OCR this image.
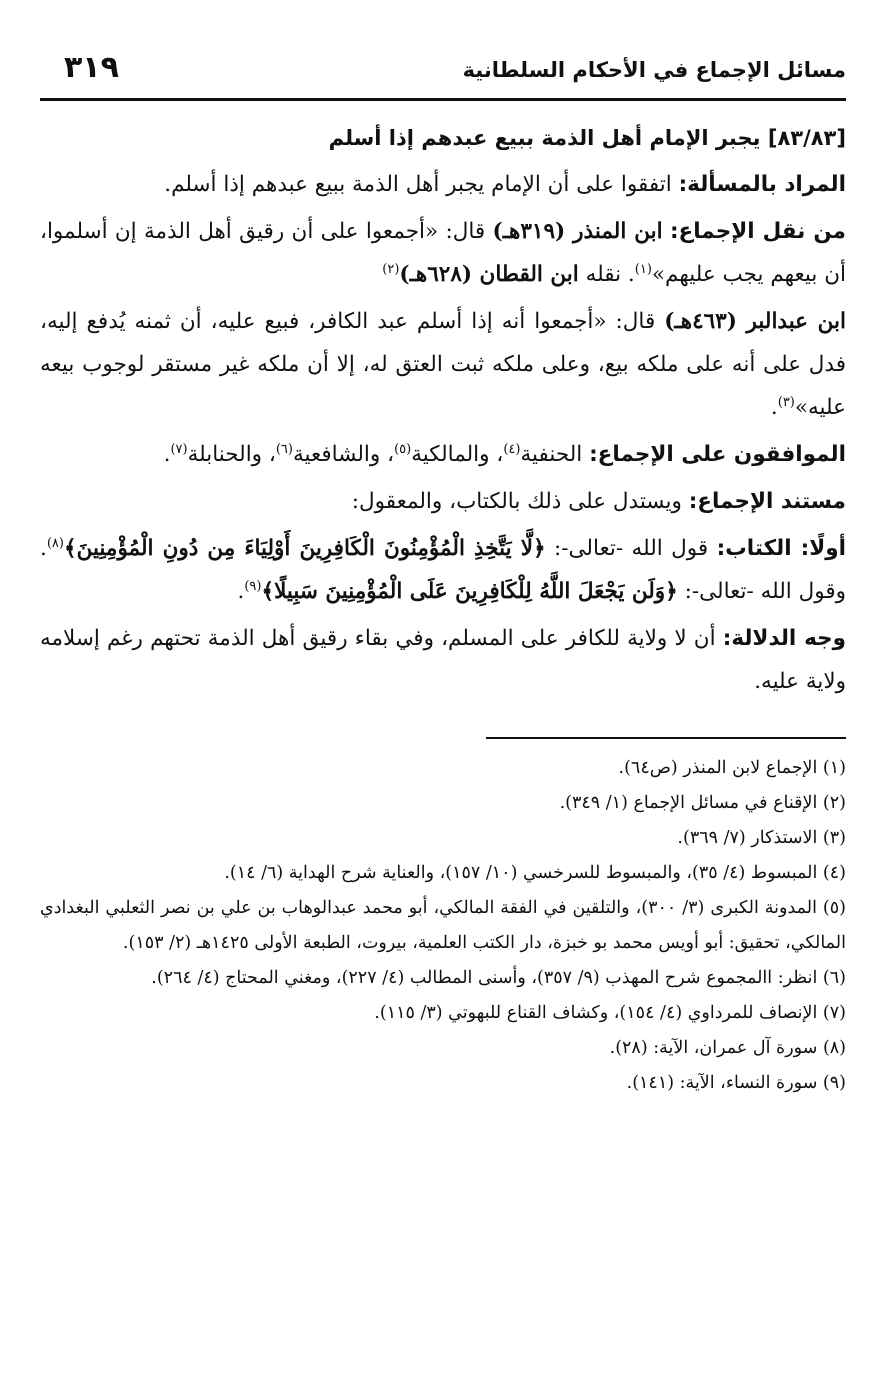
مسائل الإجماع في الأحكام السلطانية
٣١٩

[٨٣/٨٣] يجبر الإمام أهل الذمة ببيع عبدهم إذا أسلم

المراد بالمسألة: اتفقوا على أن الإمام يجبر أهل الذمة ببيع عبدهم إذا أسلم.

من نقل الإجماع: ابن المنذر (٣١٩هـ) قال: «أجمعوا على أن رقيق أهل الذمة إن أسلموا، أن بيعهم يجب عليهم»$^{(١)}$. نقله ابن القطان (٦٢٨هـ)$^{(٢)}$

ابن عبدالبر (٤٦٣هـ) قال: «أجمعوا أنه إذا أسلم عبد الكافر، فبيع عليه، أن ثمنه يُدفع إليه، فدل على أنه على ملكه بيع، وعلى ملكه ثبت العتق له، إلا أن ملكه غير مستقر لوجوب بيعه عليه»$^{(٣)}$.

الموافقون على الإجماع: الحنفية$^{(٤)}$، والمالكية$^{(٥)}$، والشافعية$^{(٦)}$، والحنابلة$^{(٧)}$.

مستند الإجماع: ويستدل على ذلك بالكتاب، والمعقول:

أولًا: الكتاب: قول الله -تعالى-: ﴿لَّا يَتَّخِذِ الْمُؤْمِنُونَ الْكَافِرِينَ أَوْلِيَاءَ مِن دُونِ الْمُؤْمِنِينَ﴾$^{(٨)}$. وقول الله -تعالى-: ﴿وَلَن يَجْعَلَ اللَّهُ لِلْكَافِرِينَ عَلَى الْمُؤْمِنِينَ سَبِيلًا﴾$^{(٩)}$.

وجه الدلالة: أن لا ولاية للكافر على المسلم، وفي بقاء رقيق أهل الذمة تحتهم رغم إسلامه ولاية عليه.

(١) الإجماع لابن المنذر (ص٦٤).

(٢) الإقناع في مسائل الإجماع (١/ ٣٤٩).

(٣) الاستذكار (٧/ ٣٦٩).

(٤) المبسوط (٤/ ٣٥)، والمبسوط للسرخسي (١٠/ ١٥٧)، والعناية شرح الهداية (٦/ ١٤).

(٥) المدونة الكبرى (٣/ ٣٠٠)، والتلقين في الفقة المالكي، أبو محمد عبدالوهاب بن علي بن نصر الثعلبي البغدادي المالكي، تحقيق: أبو أويس محمد بو خبزة، دار الكتب العلمية، بيروت، الطبعة الأولى ١٤٢٥هـ (٢/ ١٥٣).

(٦) انظر: االمجموع شرح المهذب (٩/ ٣٥٧)، وأسنى المطالب (٤/ ٢٢٧)، ومغني المحتاج (٤/ ٢٦٤).

(٧) الإنصاف للمرداوي (٤/ ١٥٤)، وكشاف القناع للبهوتي (٣/ ١١٥).

(٨) سورة آل عمران، الآية: (٢٨).

(٩) سورة النساء، الآية: (١٤١).
